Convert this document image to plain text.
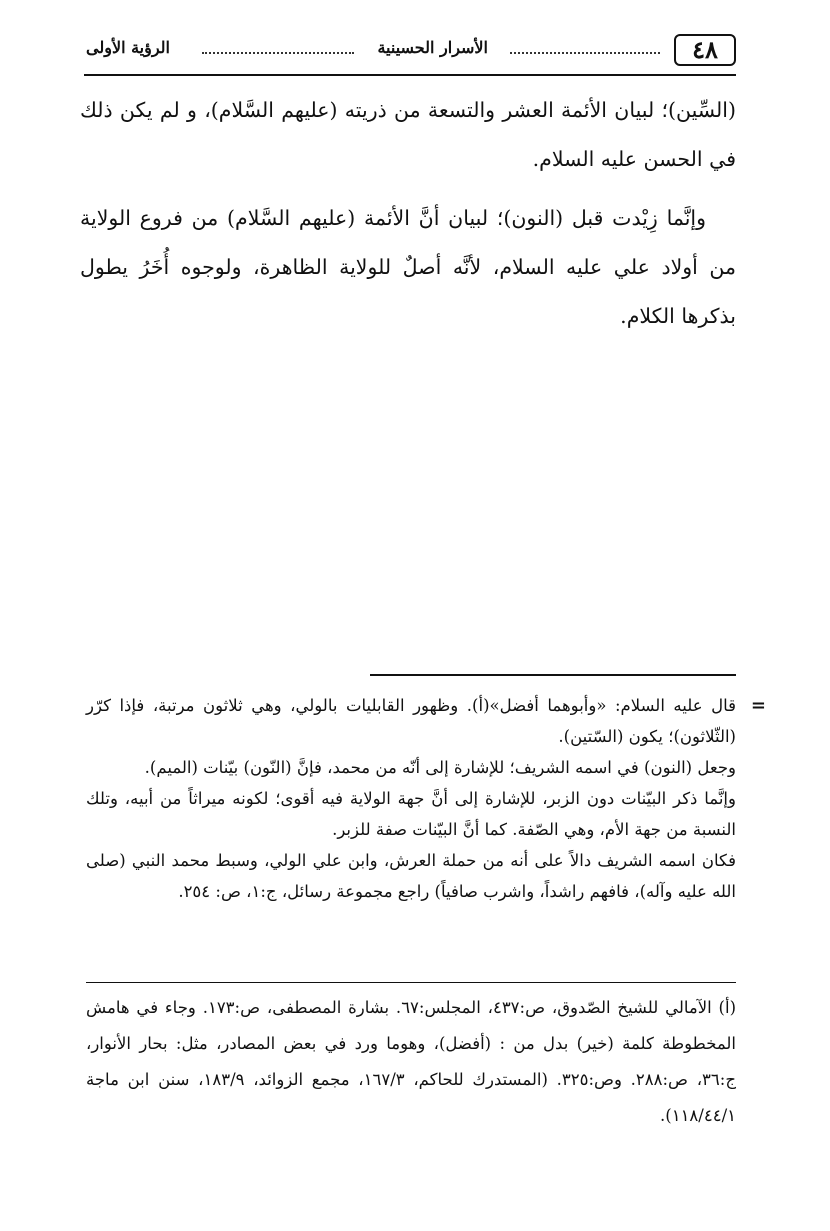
٤٨
الأسرار الحسينية
الرؤية الأولى

(السِّين)؛ لبيان الأئمة العشر والتسعة من ذريته (عليهم السَّلام)، و لم يكن ذلك في الحسن عليه السلام.

وإنَّما زِيْدت قبل (النون)؛ لبيان أنَّ الأئمة (عليهم السَّلام) من فروع الولاية من أولاد علي عليه السلام، لأنَّه أصلٌ للولاية الظاهرة، ولوجوه أُخَرُ يطول بذكرها الكلام.

=

قال عليه السلام: «وأبوهما أفضل»(أ). وظهور القابليات بالولي، وهي ثلاثون مرتبة، فإذا كرّر (الثّلاثون)؛ يكون (السّتين).

وجعل (النون) في اسمه الشريف؛ للإشارة إلى أنّه من محمد، فإنَّ (النّون) بيّنات (الميم).

وإنَّما ذكر البيّنات دون الزبر، للإشارة إلى أنَّ جهة الولاية فيه أقوى؛ لكونه ميراثاً من أبيه، وتلك النسبة من جهة الأم، وهي الصّفة. كما أنَّ البيّنات صفة للزبر.

فكان اسمه الشريف دالاً على أنه من حملة العرش، وابن علي الولي، وسبط محمد النبي (صلى الله عليه وآله)، فافهم راشداً، واشرب صافياً) راجع مجموعة رسائل، ج:١، ص: ٢٥٤.

(أ) الآمالي للشيخ الصّدوق، ص:٤٣٧، المجلس:٦٧. بشارة المصطفى، ص:١٧٣. وجاء في هامش المخطوطة كلمة (خير) بدل من : (أفضل)، وهوما ورد في بعض المصادر، مثل: بحار الأنوار، ج:٣٦، ص:٢٨٨. وص:٣٢٥. (المستدرك للحاكم، ١٦٧/٣، مجمع الزوائد، ١٨٣/٩، سنن ابن ماجة ١١٨/٤٤/١).
